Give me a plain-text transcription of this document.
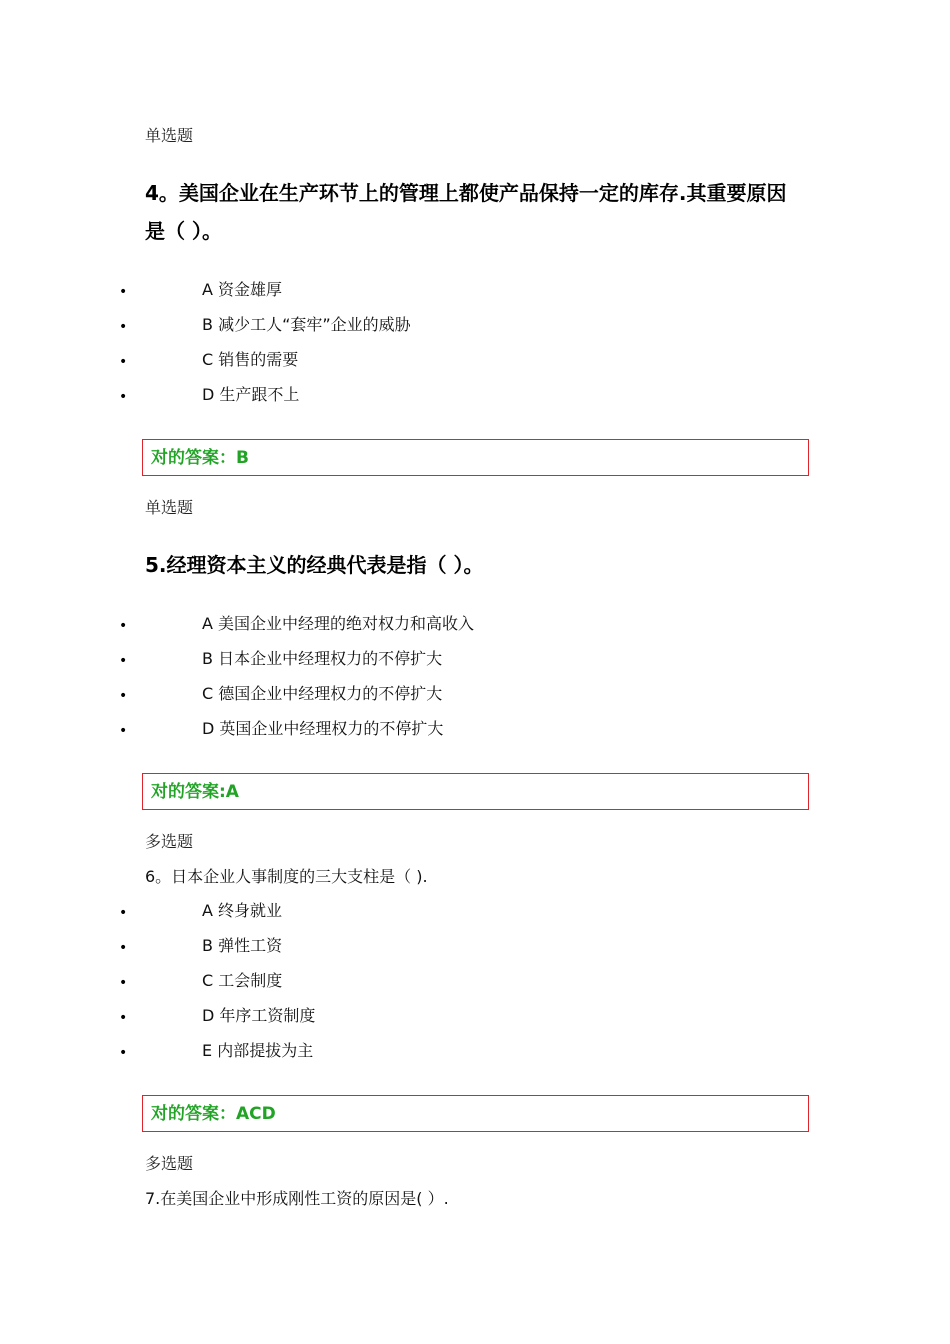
单选题
4。美国企业在生产环节上的管理上都使产品保持一定的库存.其重要原因是（ ）。
•	A 资金雄厚
•	B 减少工人“套牢”企业的威胁
•	C 销售的需要
•	D 生产跟不上
对的答案：B
单选题
5.经理资本主义的经典代表是指（ ）。
•	A 美国企业中经理的绝对权力和高收入
•	B 日本企业中经理权力的不停扩大
•	C 德国企业中经理权力的不停扩大
•	D 英国企业中经理权力的不停扩大
对的答案:A
多选题
6。日本企业人事制度的三大支柱是（ ).
•	A 终身就业
•	B 弹性工资
•	C 工会制度
•	D 年序工资制度
•	E 内部提拔为主
对的答案：ACD
多选题
7.在美国企业中形成刚性工资的原因是( ）.
